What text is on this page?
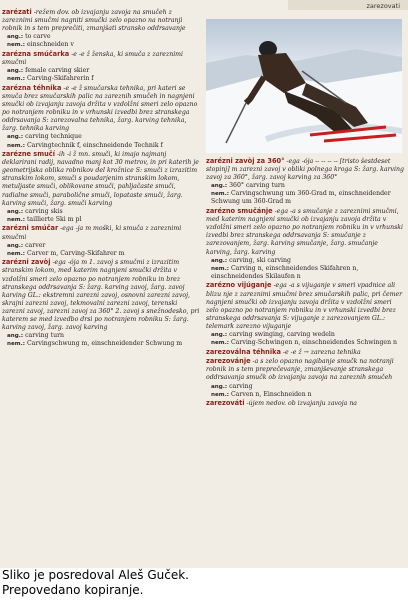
zarezovati
zarézati -režem dov. ob izvajanju zavoja na smučeh z zareznimi smučmi nagniti smučki zelo opazno na notranji robnik in s tem preprečiti, zmanjšati stransko oddrsavanje
ang.: to carve
nem.: einschneiden v
zarézna smúčarka -e -e ž ženska, ki smuča z zareznimi smučmi
ang.: female carving skier
nem.: Carving-Skifahrerin f
zarézna téhnika -e -e ž smučarska tehnika, pri kateri se smuča brez smučarskih palic na zareznih smučeh in nagnjeni smučki ob izvajanju zavoja držita v vzdolžni smeri zelo opazno po notranjem robniku in v vrhunski izvedbi brez stranskega oddrsavanja S: zarezovalna tehnika, žarg. karving tehnika, žarg. tehnika karving
ang.: carving technique
nem.: Carvingtechnik f, einschneidende Technik f
zarézne smučí -ih -i ž mn. smuči, ki imajo najmanj deklarirani radij, navadno manj kot 30 metrov, in pri katerih je geometrijska oblika robnikov del krožnice S: smuči z izrazitim stranskim lokom, smuči s poudarjenim stranskim lokom, metuljaste smuči, oblikovane smuči, pahljačaste smuči, radialne smuči, parabolične smuči, lopataste smuči, žarg. karving smuči, žarg. smuči karving
ang.: carving skis
nem.: taillierte Ski m pl
zarézni smúčar -ega -ja m moški, ki smuča z zareznimi smučmi
ang.: carver
nem.: Carver m, Carving-Skifahrer m
zarézni zavòj -ega -ója m 1. zavoj s smučmi z izrazitim stranskim lokom, med katerim nagnjeni smučki držita v vzdolžni smeri zelo opazno po notranjem robniku in brez stranskega oddrsavanja S: žarg. karving zavoj, žarg. zavoj karving GL.: ekstremni zarezni zavoj, osnovni zarezni zavoj, skrajni zarezni zavoj, tekmovalni zarezni zavoj, terenski zarezni zavoj, zarezni zavoj za 360° 2. zavoj s snežnodesko, pri katerem se med izvedbo drsi po notranjem robniku S: žarg. karving zavoj, žarg. zavoj karving
ang.: carving turn
nem.: Carvingschwung m, einschneidender Schwung m
zarézni zavòj za 360° -ega -ója -- -- -- -- [tristo šestdeset stopinj] m zarezni zavoj v obliki polnega kroga S: žarg. karving zavoj za 360°, žarg. zavoj karving za 360°
ang.: 360° carving turn
nem.: Carvingschwung um 360-Grad m, einschneidender Schwung um 360-Grad m
zarézno smučánje -ega -a s smučanje z zareznimi smučmi, med katerim nagnjeni smučki ob izvajanju zavoja držita v vzdolžni smeri zelo opazno po notranjem robniku in v vrhunski izvedbi brez stranskega oddrsavanja S: smučanje z zarezovanjem, žarg. karving smučanje, žarg. smučanje karving, žarg. karving
ang.: carving, ski carving
nem.: Carving n, einschneidendes Skifahren n, einschneidendes Skilaufen n
zarézno vijúganje -ega -a s vijuganje v smeri vpadnice ali blizu nje z zareznimi smučmi brez smučarskih palic, pri čemer nagnjeni smučki ob izvajanju zavoja držita v vzdolžni smeri zelo opazno po notranjem robniku in v vrhunski izvedbi brez stranskega oddrsavanja S: vijuganje z zarezovanjem GL.: telemark zarezno vijuganje
ang.: carving swinging, carving wedeln
nem.: Carving-Schwingen n, einschneidendes Schwingen n
zarezoválna téhnika -e -e ž → zarezna tehnika
zarezovánje -a s zelo opazno nagibanje smučk na notranji robnik in s tem preprečevanje, zmanjševanje stranskega oddrsavanja smučk ob izvajanju zavoja na zareznih smučeh
ang.: carving
nem.: Carven n, Einschneiden n
zarezováti -újem nedov. ob izvajanju zavoja na
Sliko je posredoval Aleš Guček.
Prepovedano kopiranje.
